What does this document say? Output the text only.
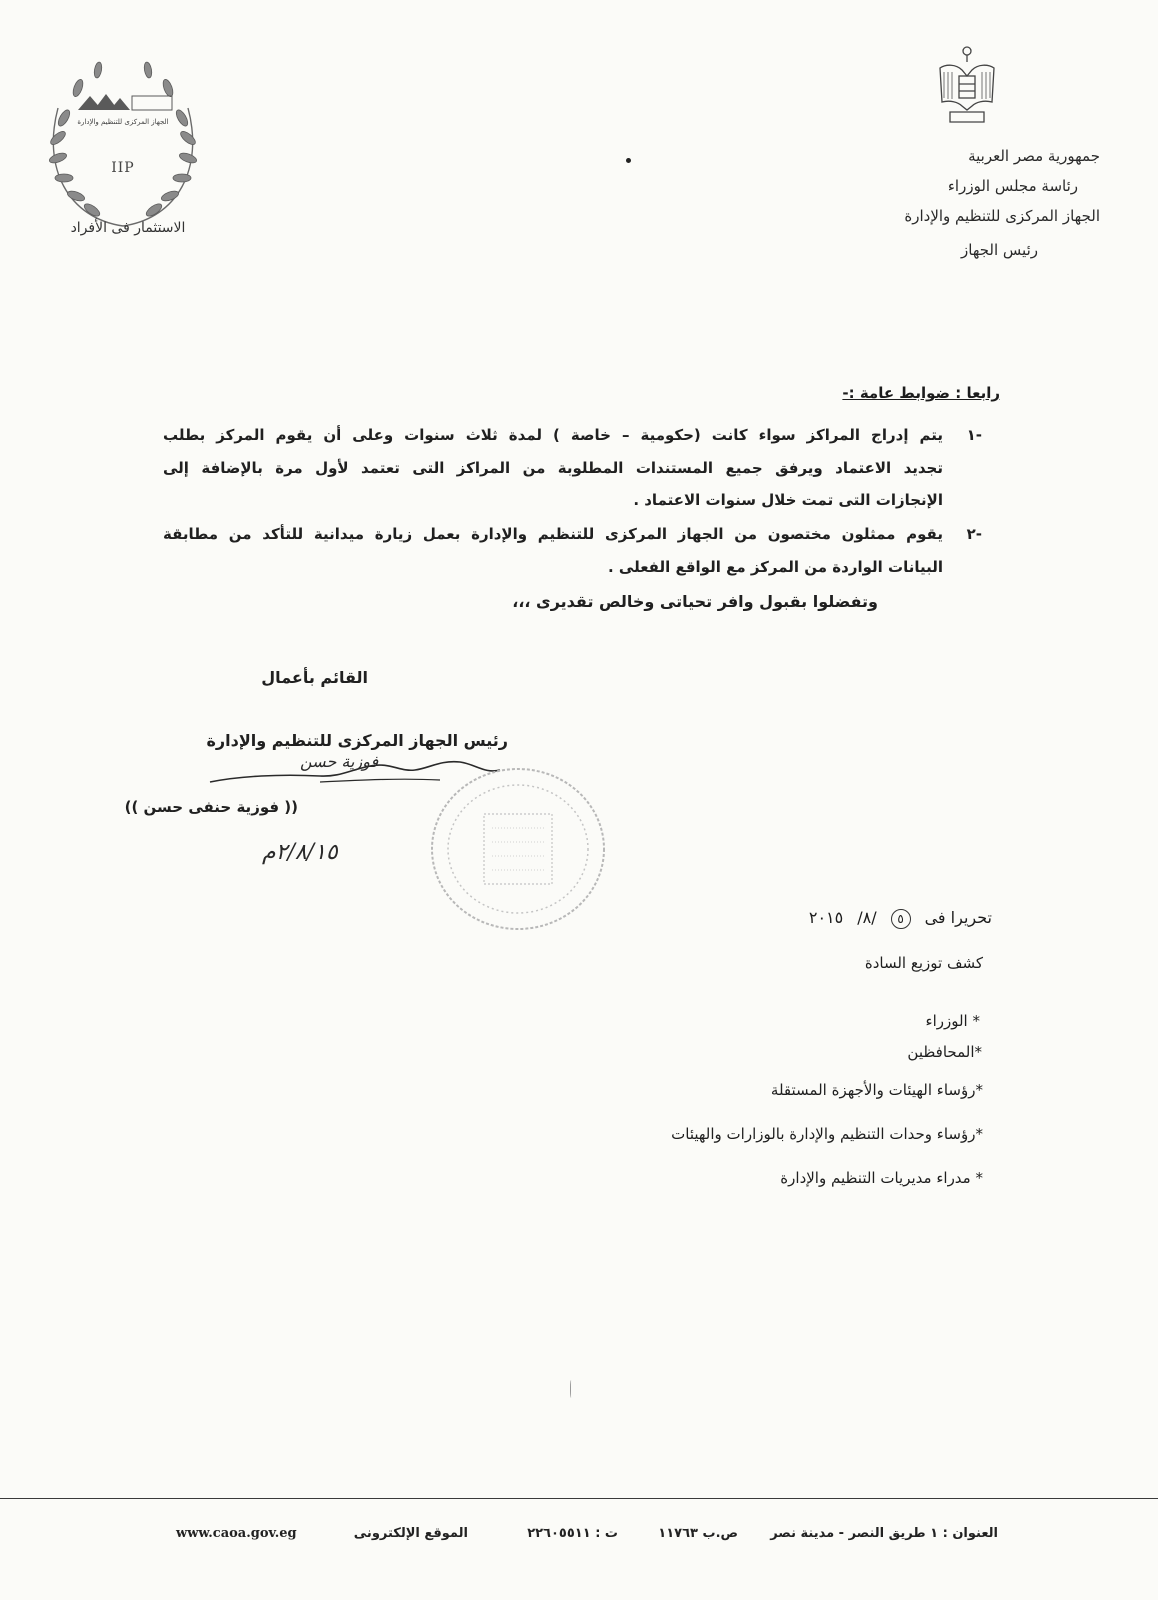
الجهاز المركزى للتنظيم والإدارة
IIP
الاستثمار فى الأفراد
جمهورية مصر العربية
رئاسة مجلس الوزراء
الجهاز المركزى للتنظيم والإدارة
رئيس الجهاز
رابعا : ضوابط عامة :-
١-
يتم إدراج المراكز سواء كانت (حكومية – خاصة ) لمدة ثلاث سنوات وعلى أن يقوم المركز بطلب
تجديد الاعتماد ويرفق جميع المستندات المطلوبة من المراكز التى تعتمد لأول مرة بالإضافة إلى
الإنجازات التى تمت خلال سنوات الاعتماد .
٢-
يقوم ممثلون مختصون من الجهاز المركزى للتنظيم والإدارة بعمل زيارة ميدانية للتأكد من مطابقة
البيانات الواردة من المركز مع الواقع الفعلى .
وتفضلوا بقبول وافر تحياتى وخالص تقديرى ،،،
القائم بأعمال
رئيس الجهاز المركزى للتنظيم والإدارة
فوزية حسن
(( فوزية حنفى حسن ))
٢/٨/١٥م
تحريرا فى
٥
/٨/
٢٠١٥
كشف توزيع السادة
* الوزراء
*المحافظين
*رؤساء الهيئات والأجهزة المستقلة
*رؤساء وحدات التنظيم والإدارة بالوزارات والهيئات
* مدراء مديريات التنظيم والإدارة
العنوان : ١ طريق النصر - مدينة نصر
ص.ب ١١٧٦٣
ت : ٢٢٦٠٥٥١١
الموقع الإلكترونى
www.caoa.gov.eg
